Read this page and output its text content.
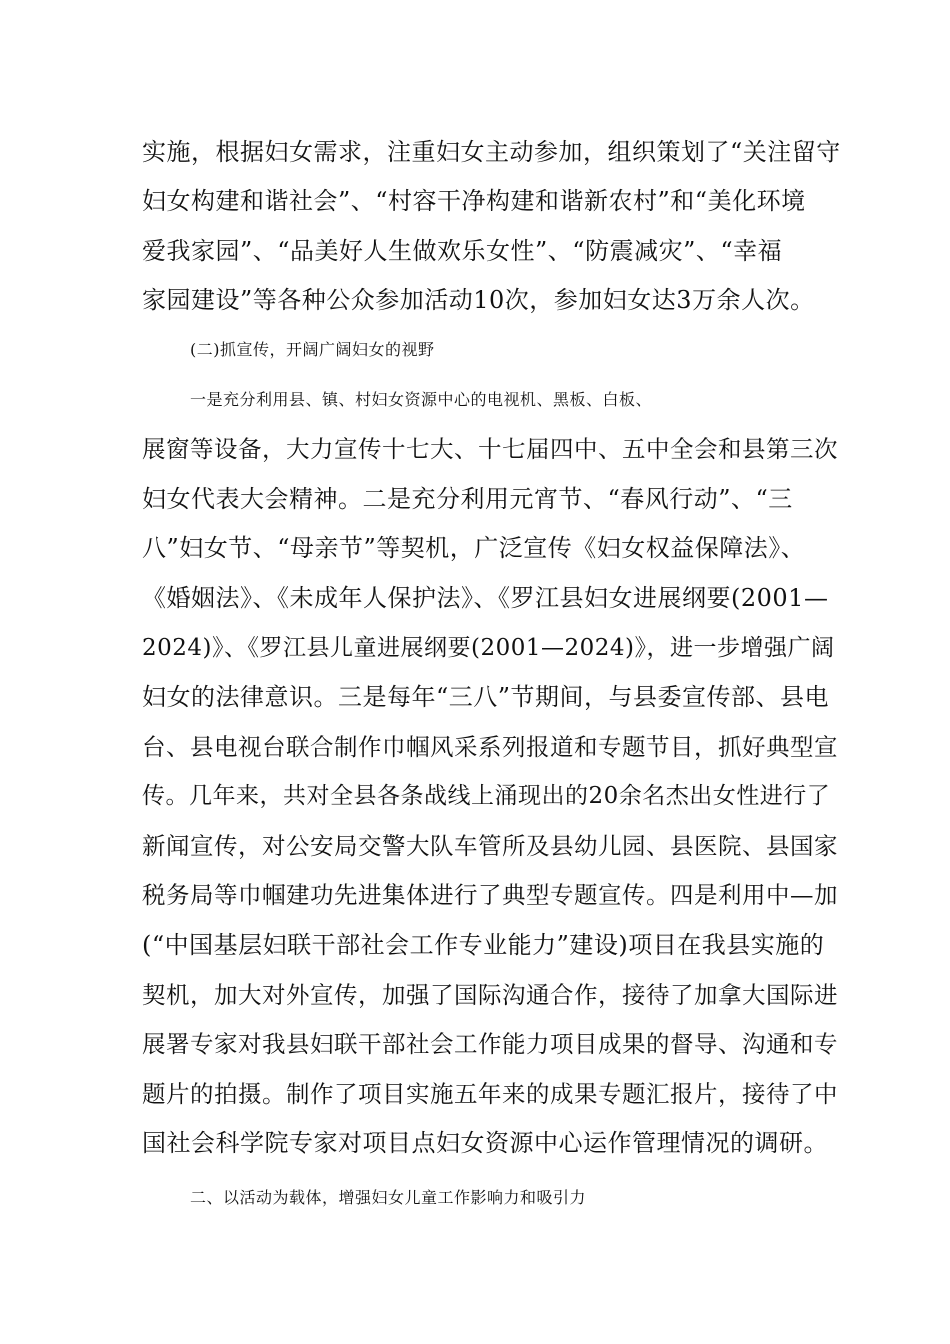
实施，根据妇女需求，注重妇女主动参加，组织策划了“关注留守
妇女构建和谐社会”、“村容干净构建和谐新农村”和“美化环境
爱我家园”、“品美好人生做欢乐女性”、“防震减灾”、“幸福
家园建设”等各种公众参加活动10次，参加妇女达3万余人次。
(二)抓宣传，开阔广阔妇女的视野
一是充分利用县、镇、村妇女资源中心的电视机、黑板、白板、
展窗等设备，大力宣传十七大、十七届四中、五中全会和县第三次
妇女代表大会精神。二是充分利用元宵节、“春风行动”、“三
八”妇女节、“母亲节”等契机，广泛宣传《妇女权益保障法》、
《婚姻法》、《未成年人保护法》、《罗江县妇女进展纲要(2001—
2024)》、《罗江县儿童进展纲要(2001—2024)》，进一步增强广阔
妇女的法律意识。三是每年“三八”节期间，与县委宣传部、县电
台、县电视台联合制作巾帼风采系列报道和专题节目，抓好典型宣
传。几年来，共对全县各条战线上涌现出的20余名杰出女性进行了
新闻宣传，对公安局交警大队车管所及县幼儿园、县医院、县国家
税务局等巾帼建功先进集体进行了典型专题宣传。四是利用中—加
(“中国基层妇联干部社会工作专业能力”建设)项目在我县实施的
契机，加大对外宣传，加强了国际沟通合作，接待了加拿大国际进
展署专家对我县妇联干部社会工作能力项目成果的督导、沟通和专
题片的拍摄。制作了项目实施五年来的成果专题汇报片，接待了中
国社会科学院专家对项目点妇女资源中心运作管理情况的调研。
二、以活动为载体，增强妇女儿童工作影响力和吸引力
